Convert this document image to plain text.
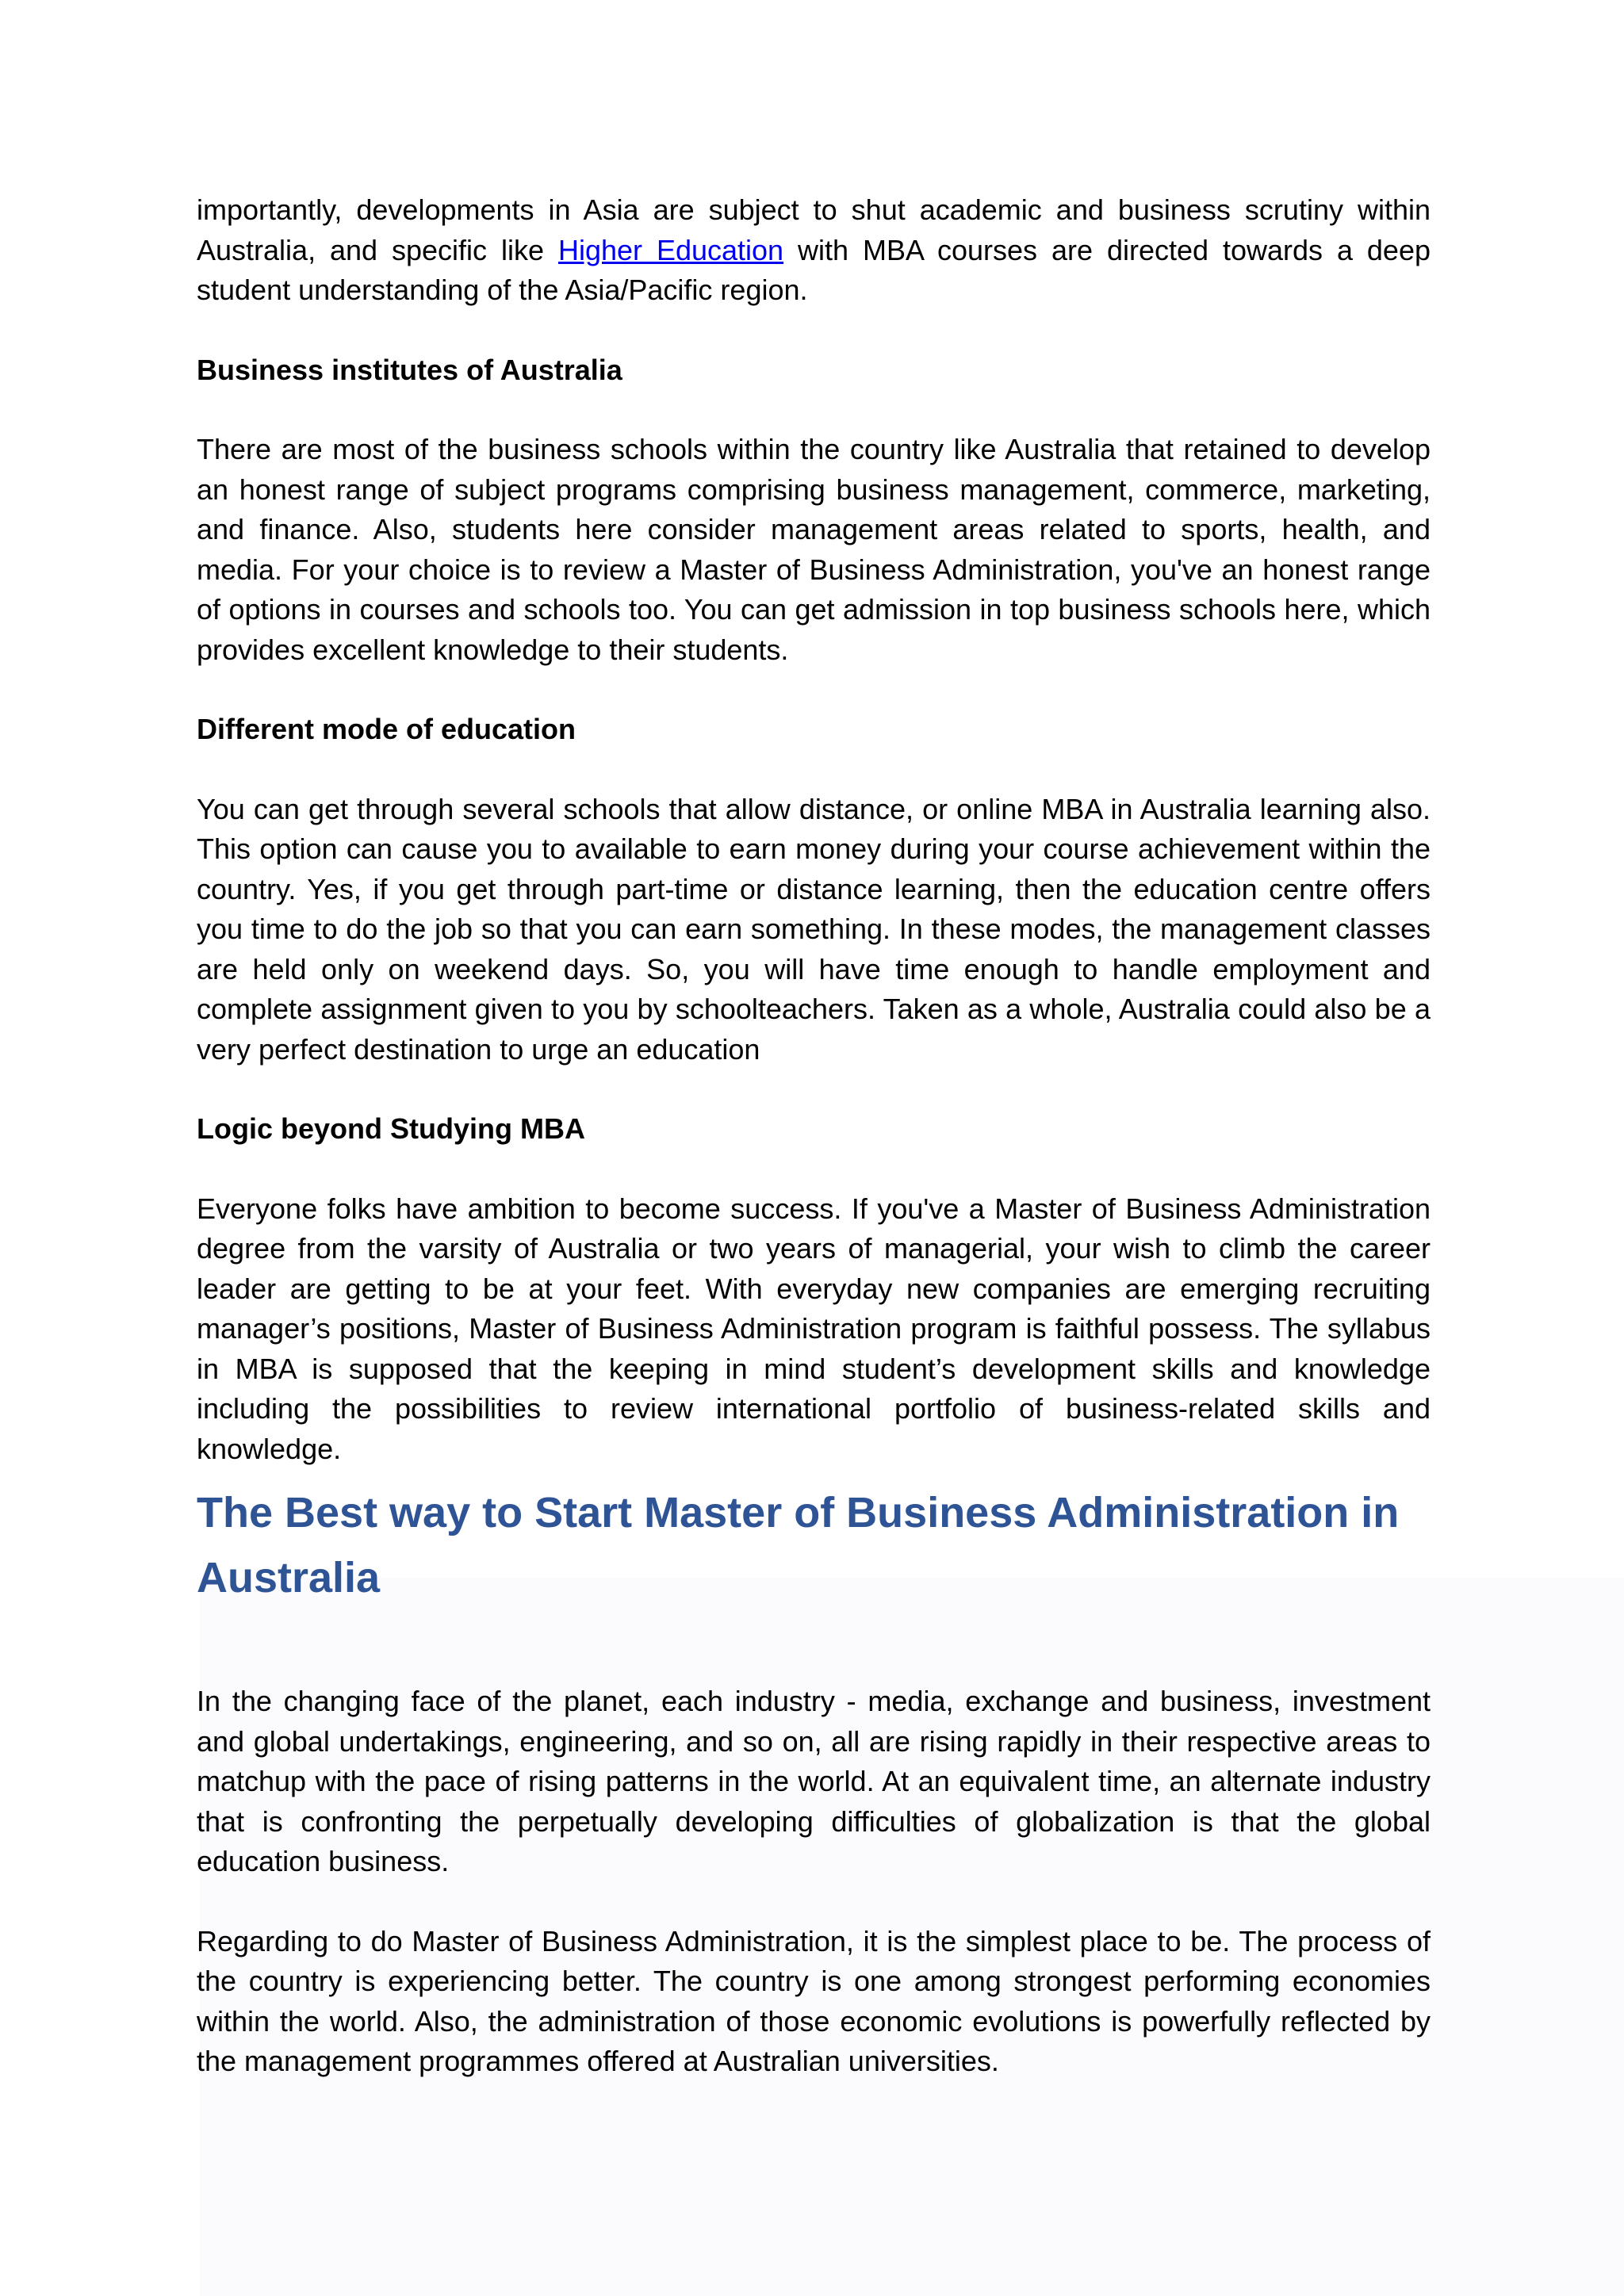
importantly, developments in Asia are subject to shut academic and business scrutiny within Australia, and specific like Higher Education with MBA courses are directed towards a deep student understanding of the Asia/Pacific region.

Business institutes of Australia

There are most of the business schools within the country like Australia that retained to develop an honest range of subject programs comprising business management, commerce, marketing, and finance. Also, students here consider management areas related to sports, health, and media. For your choice is to review a Master of Business Administration, you've an honest range of options in courses and schools too. You can get admission in top business schools here, which provides excellent knowledge to their students.

Different mode of education

You can get through several schools that allow distance, or online MBA in Australia learning also. This option can cause you to available to earn money during your course achievement within the country. Yes, if you get through part-time or distance learning, then the education centre offers you time to do the job so that you can earn something. In these modes, the management classes are held only on weekend days. So, you will have time enough to handle employment and complete assignment given to you by schoolteachers. Taken as a whole, Australia could also be a very perfect destination to urge an education

Logic beyond Studying MBA

Everyone folks have ambition to become success. If you've a Master of Business Administration degree from the varsity of Australia or two years of managerial, your wish to climb the career leader are getting to be at your feet. With everyday new companies are emerging recruiting manager’s positions, Master of Business Administration program is faithful possess. The syllabus in MBA is supposed that the keeping in mind student’s development skills and knowledge including the possibilities to review international portfolio of business-related skills and knowledge.

The Best way to Start Master of Business Administration in Australia

In the changing face of the planet, each industry - media, exchange and business, investment and global undertakings, engineering, and so on, all are rising rapidly in their respective areas to matchup with the pace of rising patterns in the world. At an equivalent time, an alternate industry that is confronting the perpetually developing difficulties of globalization is that the global education business.

Regarding to do Master of Business Administration, it is the simplest place to be. The process of the country is experiencing better. The country is one among strongest performing economies within the world. Also, the administration of those economic evolutions is powerfully reflected by the management programmes offered at Australian universities.
